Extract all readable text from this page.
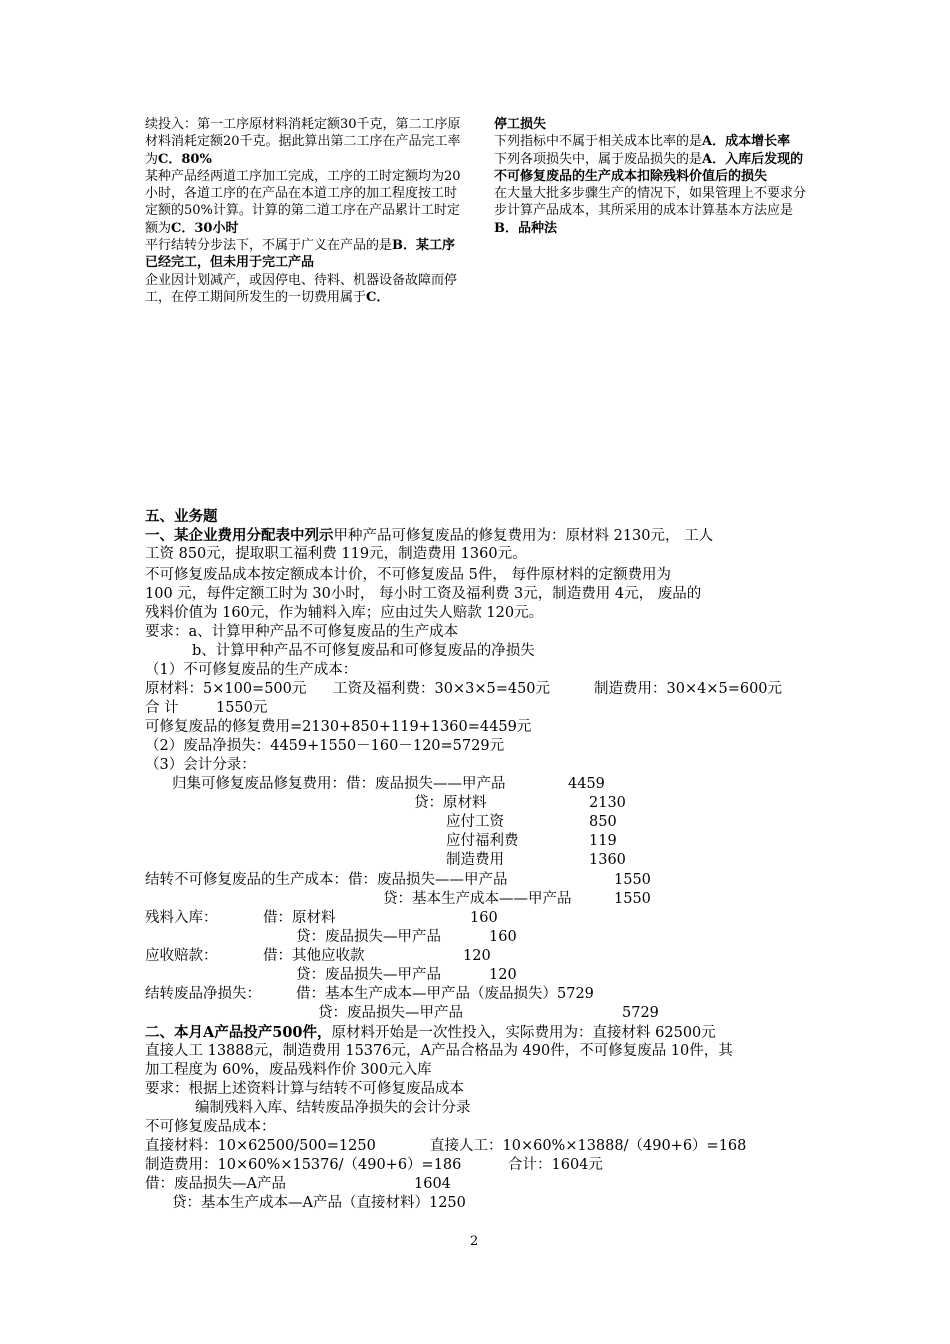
续投入：第一工序原材料消耗定额30千克，第二工序原材料消耗定额20千克。据此算出第二工序在产品完工率为C．80%

某种产品经两道工序加工完成，工序的工时定额均为20小时，各道工序的在产品在本道工序的加工程度按工时定额的50%计算。计算的第二道工序在产品累计工时定额为C．30小时

平行结转分步法下，不属于广义在产品的是B．某工序已经完工，但未用于完工产品

企业因计划减产，或因停电、待料、机器设备故障而停工，在停工期间所发生的一切费用属于C．

停工损失

下列指标中不属于相关成本比率的是A．成本增长率

下列各项损失中，属于废品损失的是A．入库后发现的不可修复废品的生产成本扣除残料价值后的损失

在大量大批多步骤生产的情况下，如果管理上不要求分步计算产品成本，其所采用的成本计算基本方法应是B．品种法

五、业务题
一、某企业费用分配表中列示甲种产品可修复废品的修复费用为：原材料 2130元， 工人
工资 850元，提取职工福利费 119元，制造费用 1360元。
不可修复废品成本按定额成本计价，不可修复废品 5件， 每件原材料的定额费用为
100 元，每件定额工时为 30小时， 每小时工资及福利费 3元，制造费用 4元， 废品的
残料价值为 160元，作为辅料入库；应由过失人赔款 120元。
要求：a、计算甲种产品不可修复废品的生产成本
b、计算甲种产品不可修复废品和可修复废品的净损失
（1）不可修复废品的生产成本：
原材料：5×100=500元 工资及福利费：30×3×5=450元	制造费用：30×4×5=600元
合 计	1550元
可修复废品的修复费用=2130+850+119+1360=4459元
（2）废品净损失：4459+1550－160－120=5729元
（3）会计分录：
归集可修复废品修复费用：借：废品损失——甲产品	4459
贷：原材料	2130
应付工资	850
应付福利费	119
制造费用	1360
结转不可修复废品的生产成本：借：废品损失——甲产品	1550
贷：基本生产成本——甲产品	1550
残料入库：	借：原材料	160
贷：废品损失—甲产品	160
应收赔款：	借：其他应收款	120
贷：废品损失—甲产品	120
结转废品净损失： 借：基本生产成本—甲产品（废品损失）5729
贷：废品损失—甲产品	5729
二、本月A产品投产500件，原材料开始是一次性投入，实际费用为：直接材料 62500元
直接人工 13888元，制造费用 15376元，A产品合格品为 490件，不可修复废品 10件，其
加工程度为 60%，废品残料作价 300元入库
要求：根据上述资料计算与结转不可修复废品成本
编制残料入库、结转废品净损失的会计分录
不可修复废品成本：
直接材料：10×62500/500=1250	直接人工：10×60%×13888/（490+6）=168
制造费用：10×60%×15376/（490+6）=186	合计：1604元
借：废品损失—A产品	1604
贷：基本生产成本—A产品（直接材料）1250
2
